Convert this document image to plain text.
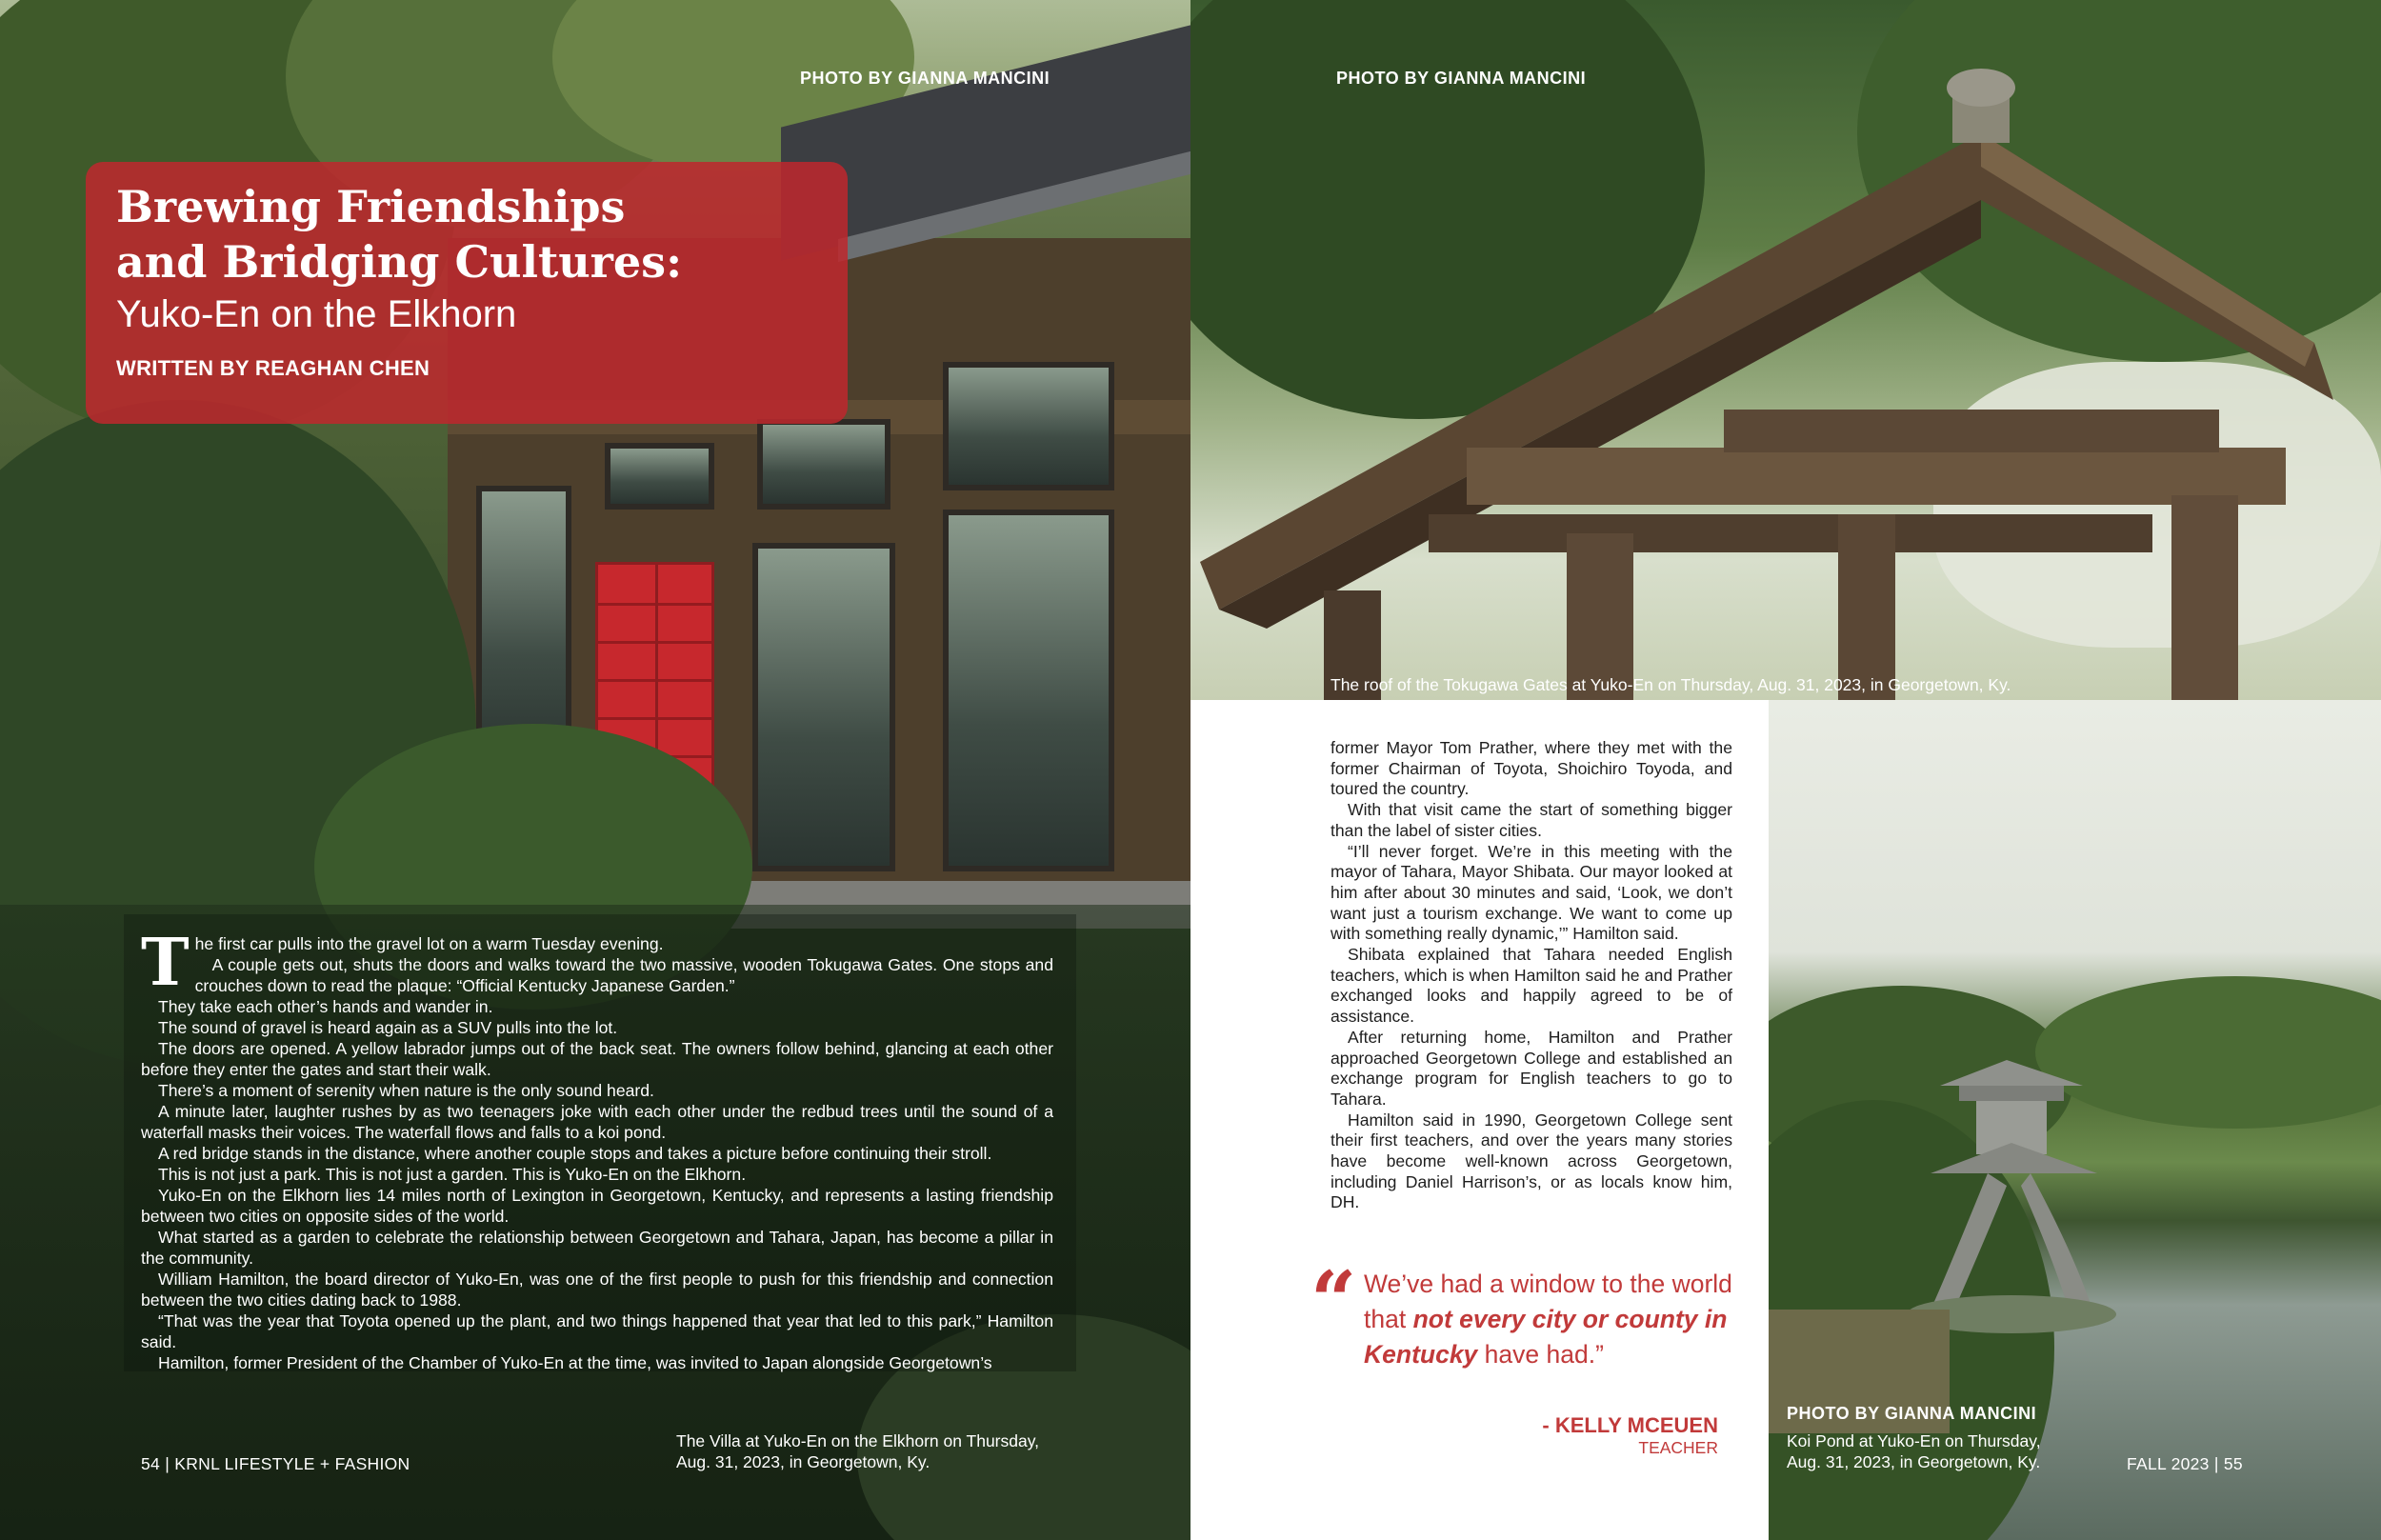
PHOTO BY GIANNA MANCINI	PHOTO BY GIANNA MANCINI
PHOTO BY GIANNA MANCINI

Brewing Friendships

and Bridging Cultures:

Yuko-En on the Elkhorn

WRITTEN BY REAGHAN CHEN

The first car pulls into the gravel lot on a warm Tuesday evening.

A couple gets out, shuts the doors and walks toward the two massive, wooden Tokugawa Gates. One stops and crouches down to read the plaque: “Official Kentucky Japanese Garden.”

They take each other’s hands and wander in.

The sound of gravel is heard again as a SUV pulls into the lot.

The doors are opened. A yellow labrador jumps out of the back seat. The owners follow behind, glancing at each other before they enter the gates and start their walk.

There’s a moment of serenity when nature is the only sound heard.

A minute later, laughter rushes by as two teenagers joke with each other under the redbud trees until the sound of a waterfall masks their voices. The waterfall flows and falls to a koi pond.

A red bridge stands in the distance, where another couple stops and takes a picture before continuing their stroll.

This is not just a park. This is not just a garden. This is Yuko-En on the Elkhorn.

Yuko-En on the Elkhorn lies 14 miles north of Lexington in Georgetown, Kentucky, and represents a lasting friendship between two cities on opposite sides of the world.

What started as a garden to celebrate the relationship between Georgetown and Tahara, Japan, has become a pillar in the community.

William Hamilton, the board director of Yuko-En, was one of the first people to push for this friendship and connection between the two cities dating back to 1988.

“That was the year that Toyota opened up the plant, and two things happened that year that led to this park,” Hamilton said.

Hamilton, former President of the Chamber of Yuko-En at the time, was invited to Japan alongside Georgetown’s

former Mayor Tom Prather, where they met with the former Chairman of Toyota, Shoichiro Toyoda, and toured the country.

With that visit came the start of something bigger than the label of sister cities.

“I’ll never forget. We’re in this meeting with the mayor of Tahara, Mayor Shibata. Our mayor looked at him after about 30 minutes and said, ‘Look, we don’t want just a tourism exchange. We want to come up with something really dynamic,’” Hamilton said.

Shibata explained that Tahara needed English teachers, which is when Hamilton said he and Prather exchanged looks and happily agreed to be of assistance.

After returning home, Hamilton and Prather approached Georgetown College and established an exchange program for English teachers to go to Tahara.

Hamilton said in 1990, Georgetown College sent their first teachers, and over the years many stories have become well-known across Georgetown, including Daniel Harrison’s, or as locals know him, DH.

“ We’ve had a window to the world that not every city or county in Kentucky have had.”
- KELLY MCEUEN
TEACHER
The roof of the Tokugawa Gates at Yuko-En on Thursday, Aug. 31, 2023, in Georgetown, Ky.
The Villa at Yuko-En on the Elkhorn on Thursday, Aug. 31, 2023, in Georgetown, Ky.
Koi Pond at Yuko-En on Thursday, Aug. 31, 2023, in Georgetown, Ky.
54 | KRNL LIFESTYLE + FASHION	FALL 2023 | 55
